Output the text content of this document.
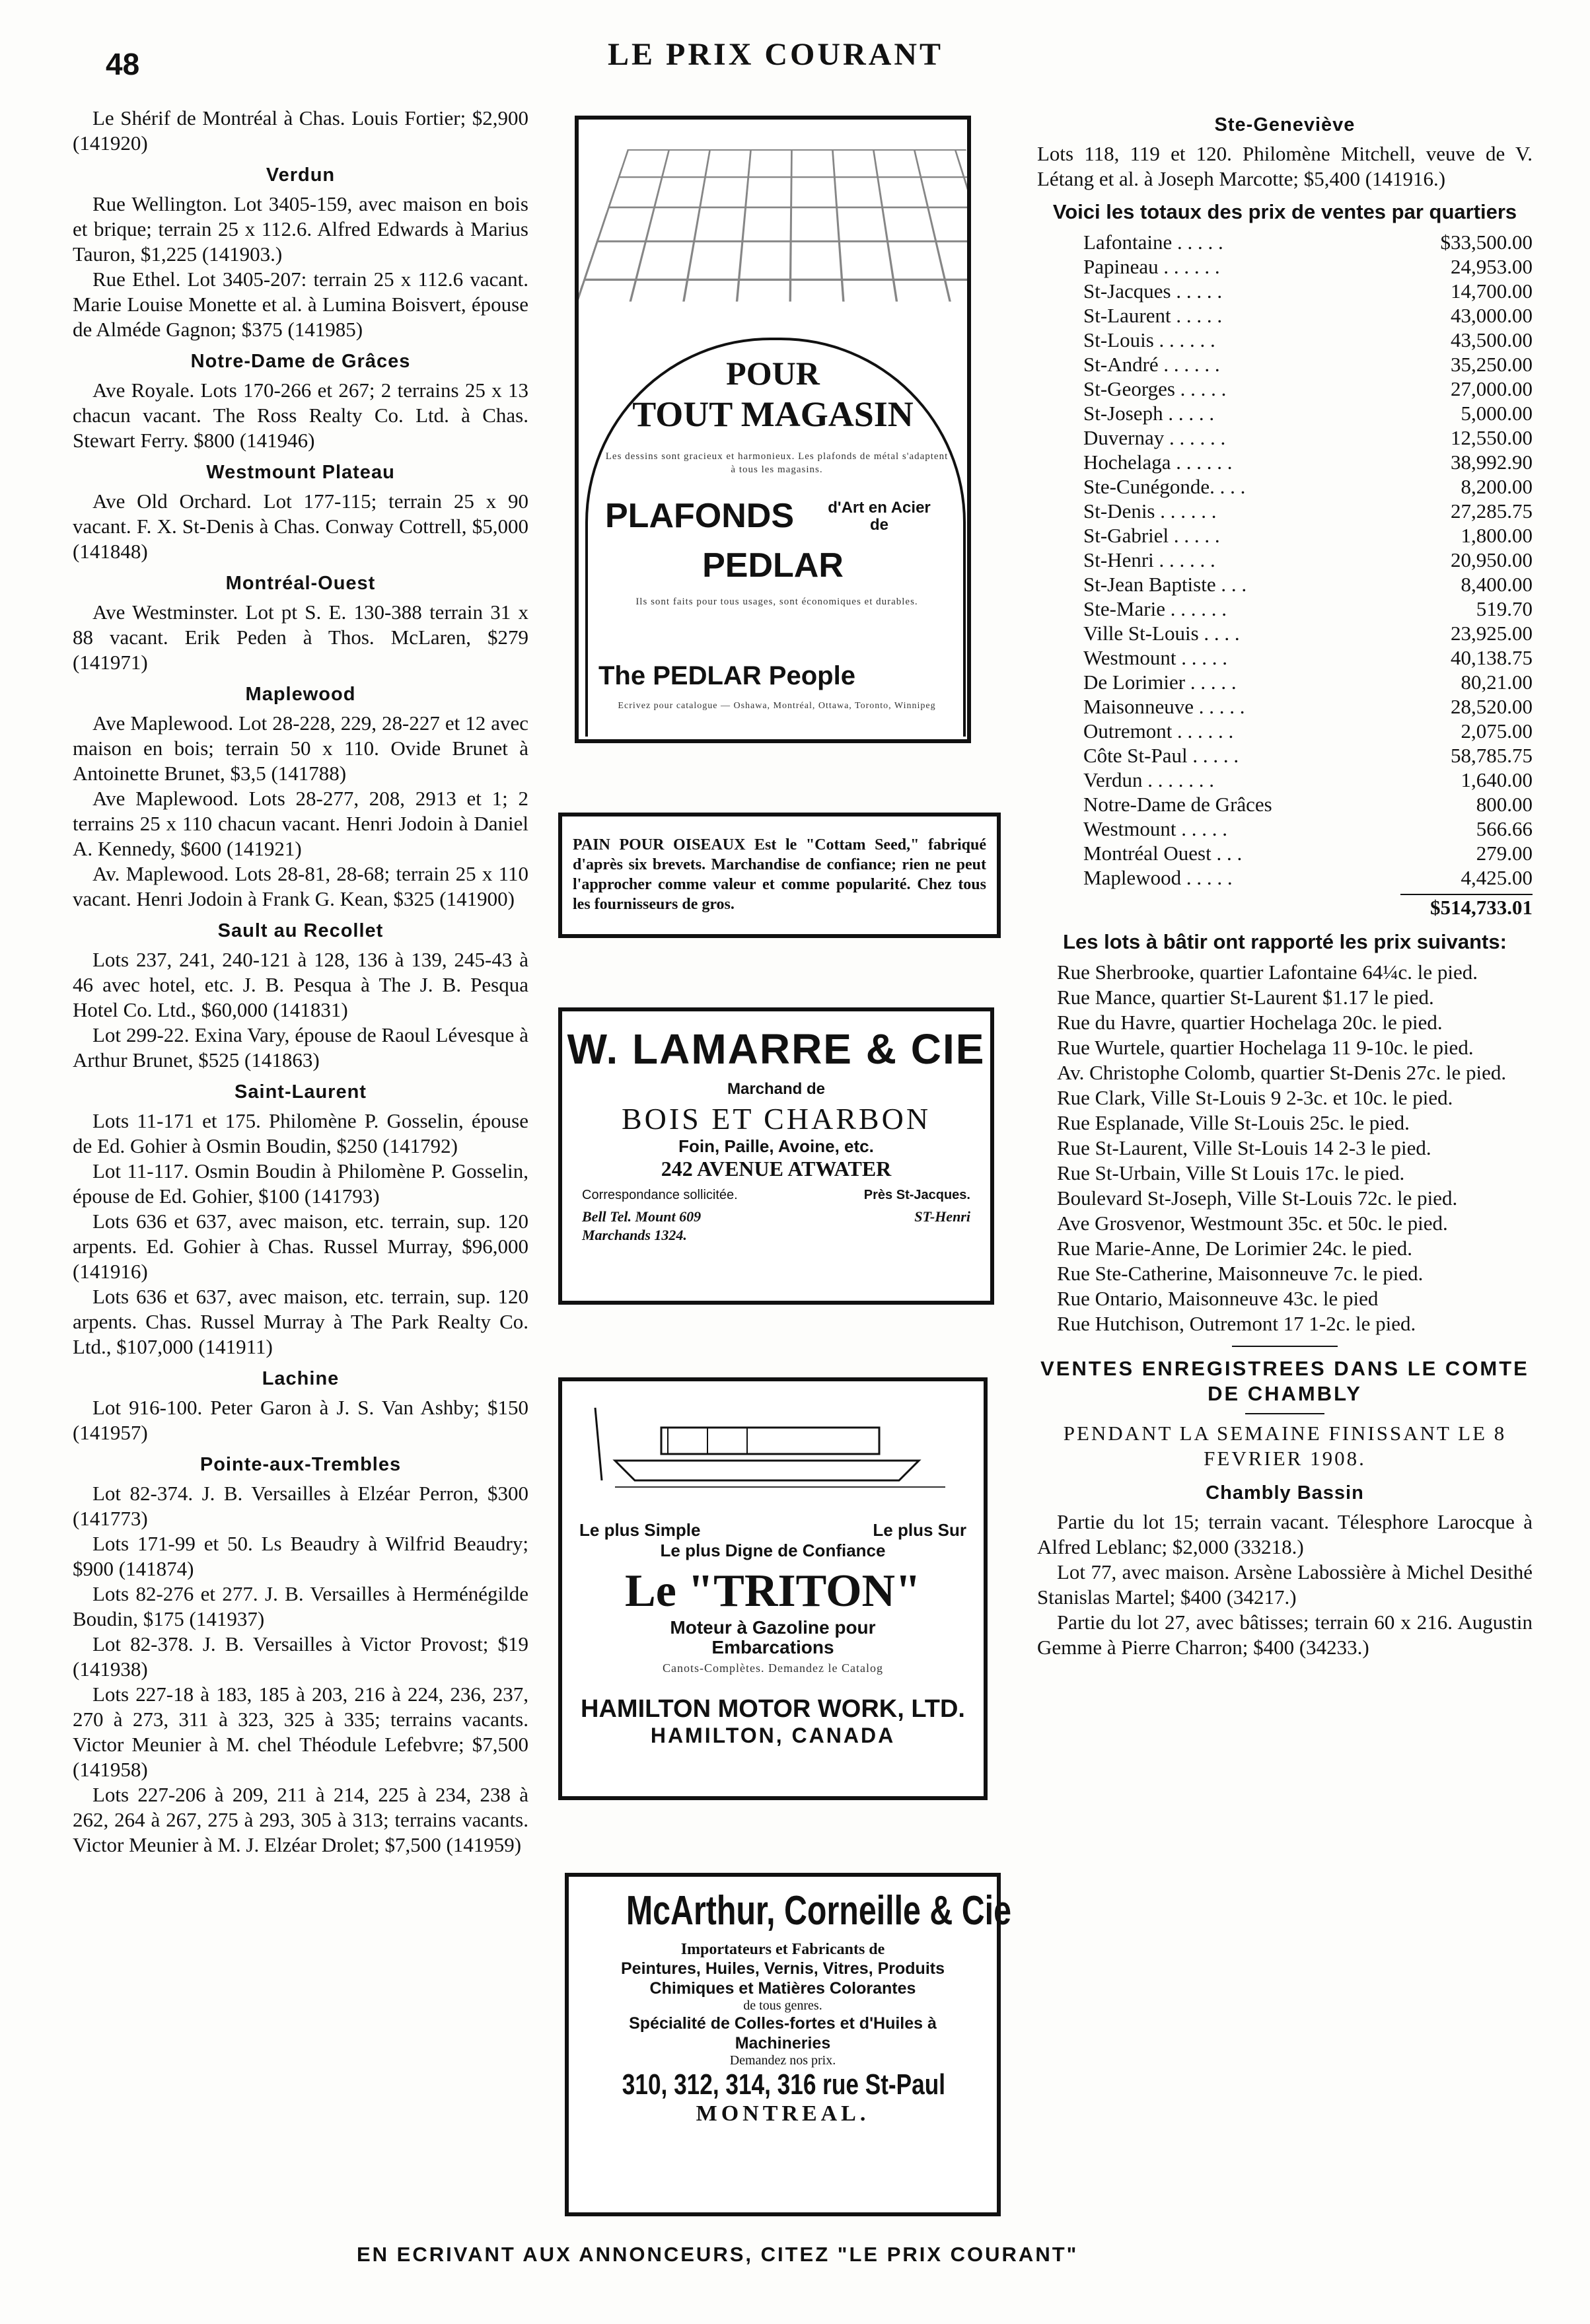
48	LE PRIX COURANT

Le Shérif de Montréal à Chas. Louis Fortier; $2,900 (141920)

Verdun

Rue Wellington. Lot 3405-159, avec maison en bois et brique; terrain 25 x 112.6. Alfred Edwards à Marius Tauron, $1,225 (141903.)

Rue Ethel. Lot 3405-207: terrain 25 x 112.6 vacant. Marie Louise Monette et al. à Lumina Boisvert, épouse de Alméde Gagnon; $375 (141985)

Notre-Dame de Grâces

Ave Royale. Lots 170-266 et 267; 2 terrains 25 x 13 chacun vacant. The Ross Realty Co. Ltd. à Chas. Stewart Ferry. $800 (141946)

Westmount Plateau

Ave Old Orchard. Lot 177-115; terrain 25 x 90 vacant. F. X. St-Denis à Chas. Conway Cottrell, $5,000 (141848)

Montréal-Ouest

Ave Westminster. Lot pt S. E. 130-388 terrain 31 x 88 vacant. Erik Peden à Thos. McLaren, $279 (141971)

Maplewood

Ave Maplewood. Lot 28-228, 229, 28-227 et 12 avec maison en bois; terrain 50 x 110. Ovide Brunet à Antoinette Brunet, $3,5 (141788)

Ave Maplewood. Lots 28-277, 208, 2913 et 1; 2 terrains 25 x 110 chacun vacant. Henri Jodoin à Daniel A. Kennedy, $600 (141921)

Av. Maplewood. Lots 28-81, 28-68; terrain 25 x 110 vacant. Henri Jodoin à Frank G. Kean, $325 (141900)

Sault au Recollet

Lots 237, 241, 240-121 à 128, 136 à 139, 245-43 à 46 avec hotel, etc. J. B. Pesqua à The J. B. Pesqua Hotel Co. Ltd., $60,000 (141831)

Lot 299-22. Exina Vary, épouse de Raoul Lévesque à Arthur Brunet, $525 (141863)

Saint-Laurent

Lots 11-171 et 175. Philomène P. Gosselin, épouse de Ed. Gohier à Osmin Boudin, $250 (141792)

Lot 11-117. Osmin Boudin à Philomène P. Gosselin, épouse de Ed. Gohier, $100 (141793)

Lots 636 et 637, avec maison, etc. terrain, sup. 120 arpents. Ed. Gohier à Chas. Russel Murray, $96,000 (141916)

Lots 636 et 637, avec maison, etc. terrain, sup. 120 arpents. Chas. Russel Murray à The Park Realty Co. Ltd., $107,000 (141911)

Lachine

Lot 916-100. Peter Garon à J. S. Van Ashby; $150 (141957)

Pointe-aux-Trembles

Lot 82-374. J. B. Versailles à Elzéar Perron, $300 (141773)

Lots 171-99 et 50. Ls Beaudry à Wilfrid Beaudry; $900 (141874)

Lots 82-276 et 277. J. B. Versailles à Herménégilde Boudin, $175 (141937)

Lot 82-378. J. B. Versailles à Victor Provost; $19 (141938)

Lots 227-18 à 183, 185 à 203, 216 à 224, 236, 237, 270 à 273, 311 à 323, 325 à 335; terrains vacants. Victor Meunier à M. chel Théodule Lefebvre; $7,500 (141958)

Lots 227-206 à 209, 211 à 214, 225 à 234, 238 à 262, 264 à 267, 275 à 293, 305 à 313; terrains vacants. Victor Meunier à M. J. Elzéar Drolet; $7,500 (141959)

POUR
TOUT MAGASIN
Les dessins sont gracieux et harmonieux. Les plafonds de métal s'adaptent à tous les magasins.
PLAFONDS	d'Art en Acier de
PEDLAR
Ils sont faits pour tous usages, sont économiques et durables.
The PEDLAR People
Ecrivez pour catalogue — Oshawa, Montréal, Ottawa, Toronto, Winnipeg
PAIN POUR OISEAUX Est le "Cottam Seed," fabriqué d'après six brevets. Marchandise de confiance; rien ne peut l'approcher comme valeur et comme popularité. Chez tous les fournisseurs de gros.
W. LAMARRE & CIE
Marchand de
BOIS ET CHARBON
Foin, Paille, Avoine, etc.
242 AVENUE ATWATER
Correspondance sollicitée.	Près St-Jacques.
Bell Tel. Mount 609	ST-Henri
Marchands 1324.
Le plus Simple	Le plus Sur
Le plus Digne de Confiance
Le "TRITON"
Moteur à Gazoline pour Embarcations
Canots-Complètes. Demandez le Catalog
HAMILTON MOTOR WORK, LTD.
HAMILTON, CANADA
McArthur, Corneille & Cie
Importateurs et Fabricants de
Peintures, Huiles, Vernis, Vitres, Produits Chimiques et Matières Colorantes
de tous genres.
Spécialité de Colles-fortes et d'Huiles à Machineries
Demandez nos prix.
310, 312, 314, 316 rue St-Paul
MONTREAL.
Ste-Geneviève

Lots 118, 119 et 120. Philomène Mitchell, veuve de V. Létang et al. à Joseph Marcotte; $5,400 (141916.)

Voici les totaux des prix de ventes par quartiers
Lafontaine . . . . .	$33,500.00
Papineau . . . . . .	24,953.00
St-Jacques . . . . .	14,700.00
St-Laurent . . . . .	43,000.00
St-Louis . . . . . .	43,500.00
St-André . . . . . .	35,250.00
St-Georges . . . . .	27,000.00
St-Joseph . . . . .	5,000.00
Duvernay . . . . . .	12,550.00
Hochelaga . . . . . .	38,992.90
Ste-Cunégonde. . . .	8,200.00
St-Denis . . . . . .	27,285.75
St-Gabriel . . . . .	1,800.00
St-Henri . . . . . .	20,950.00
St-Jean Baptiste . . .	8,400.00
Ste-Marie . . . . . .	519.70
Ville St-Louis . . . .	23,925.00
Westmount . . . . .	40,138.75
De Lorimier . . . . .	80,21.00
Maisonneuve . . . . .	28,520.00
Outremont . . . . . .	2,075.00
Côte St-Paul . . . . .	58,785.75
Verdun . . . . . . .	1,640.00
Notre-Dame de Grâces	800.00
Westmount . . . . .	566.66
Montréal Ouest . . .	279.00
Maplewood . . . . .	4,425.00
$514,733.01
Les lots à bâtir ont rapporté les prix suivants:

Rue Sherbrooke, quartier Lafontaine 64¼c. le pied.

Rue Mance, quartier St-Laurent $1.17 le pied.

Rue du Havre, quartier Hochelaga 20c. le pied.

Rue Wurtele, quartier Hochelaga 11 9-10c. le pied.

Av. Christophe Colomb, quartier St-Denis 27c. le pied.

Rue Clark, Ville St-Louis 9 2-3c. et 10c. le pied.

Rue Esplanade, Ville St-Louis 25c. le pied.

Rue St-Laurent, Ville St-Louis 14 2-3 le pied.

Rue St-Urbain, Ville St Louis 17c. le pied.

Boulevard St-Joseph, Ville St-Louis 72c. le pied.

Ave Grosvenor, Westmount 35c. et 50c. le pied.

Rue Marie-Anne, De Lorimier 24c. le pied.

Rue Ste-Catherine, Maisonneuve 7c. le pied.

Rue Ontario, Maisonneuve 43c. le pied

Rue Hutchison, Outremont 17 1-2c. le pied.

VENTES ENREGISTREES DANS LE COMTE DE CHAMBLY
PENDANT LA SEMAINE FINISSANT LE 8 FEVRIER 1908.
Chambly Bassin

Partie du lot 15; terrain vacant. Télesphore Larocque à Alfred Leblanc; $2,000 (33218.)

Lot 77, avec maison. Arsène Labossière à Michel Desithé Stanislas Martel; $400 (34217.)

Partie du lot 27, avec bâtisses; terrain 60 x 216. Augustin Gemme à Pierre Charron; $400 (34233.)

EN ECRIVANT AUX ANNONCEURS, CITEZ "LE PRIX COURANT"
